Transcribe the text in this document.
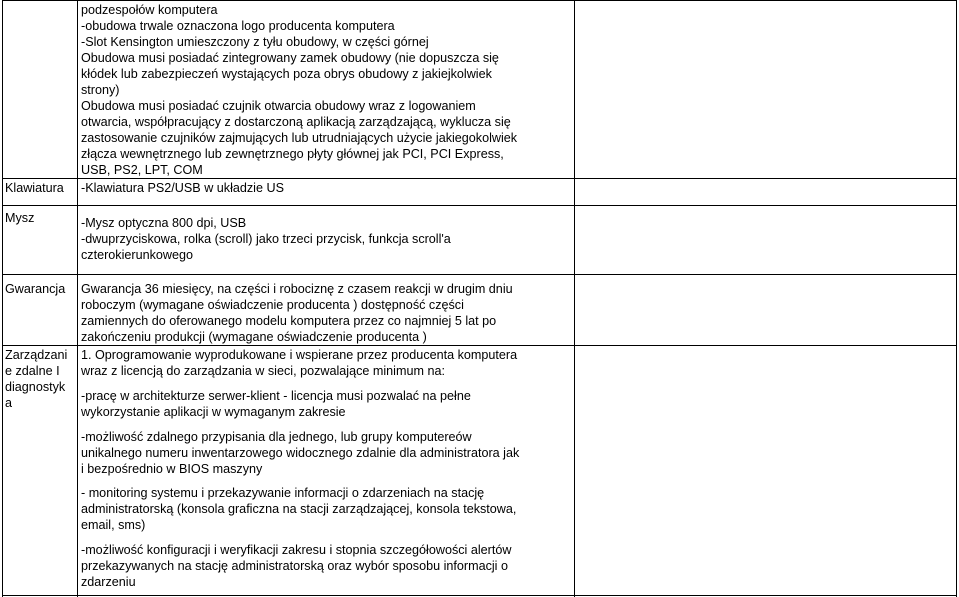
podzespołów komputera
-obudowa trwale oznaczona logo producenta komputera
-Slot Kensington umieszczony z tyłu obudowy, w części górnej
Obudowa musi posiadać zintegrowany zamek obudowy (nie dopuszcza się
kłódek lub zabezpieczeń wystających poza obrys obudowy z jakiejkolwiek
strony)
Obudowa musi posiadać czujnik otwarcia obudowy wraz z logowaniem
otwarcia, współpracujący z dostarczoną aplikacją zarządzającą, wyklucza się
zastosowanie czujników zajmujących lub utrudniających użycie jakiegokolwiek
złącza wewnętrznego lub zewnętrznego płyty głównej jak PCI, PCI Express,
USB, PS2, LPT, COM
Klawiatura -Klawiatura PS2/USB w układzie US
Mysz	-Mysz optyczna 800 dpi, USB
-dwuprzyciskowa, rolka (scroll) jako trzeci przycisk, funkcja scroll'a
czterokierunkowego
Gwarancja Gwarancja 36 miesięcy, na części i robociznę z czasem reakcji w drugim dniu
roboczym (wymagane oświadczenie producenta ) dostępność części
zamiennych do oferowanego modelu komputera przez co najmniej 5 lat po
zakończeniu produkcji (wymagane oświadczenie producenta )
Zarządzani
e zdalne I
diagnostyk
a
1. Oprogramowanie wyprodukowane i wspierane przez producenta komputera
wraz z licencją do zarządzania w sieci, pozwalające minimum na:
-pracę w architekturze serwer-klient - licencja musi pozwalać na pełne
wykorzystanie aplikacji w wymaganym zakresie
-możliwość zdalnego przypisania dla jednego, lub grupy komputereów
unikalnego numeru inwentarzowego widocznego zdalnie dla administratora jak
i bezpośrednio w BIOS maszyny
- monitoring systemu i przekazywanie informacji o zdarzeniach na stację
administratorską (konsola graficzna na stacji zarządzającej, konsola tekstowa,
email, sms)
-możliwość konfiguracji i weryfikacji zakresu i stopnia szczegółowości alertów
przekazywanych na stację administratorską oraz wybór sposobu informacji o
zdarzeniu
